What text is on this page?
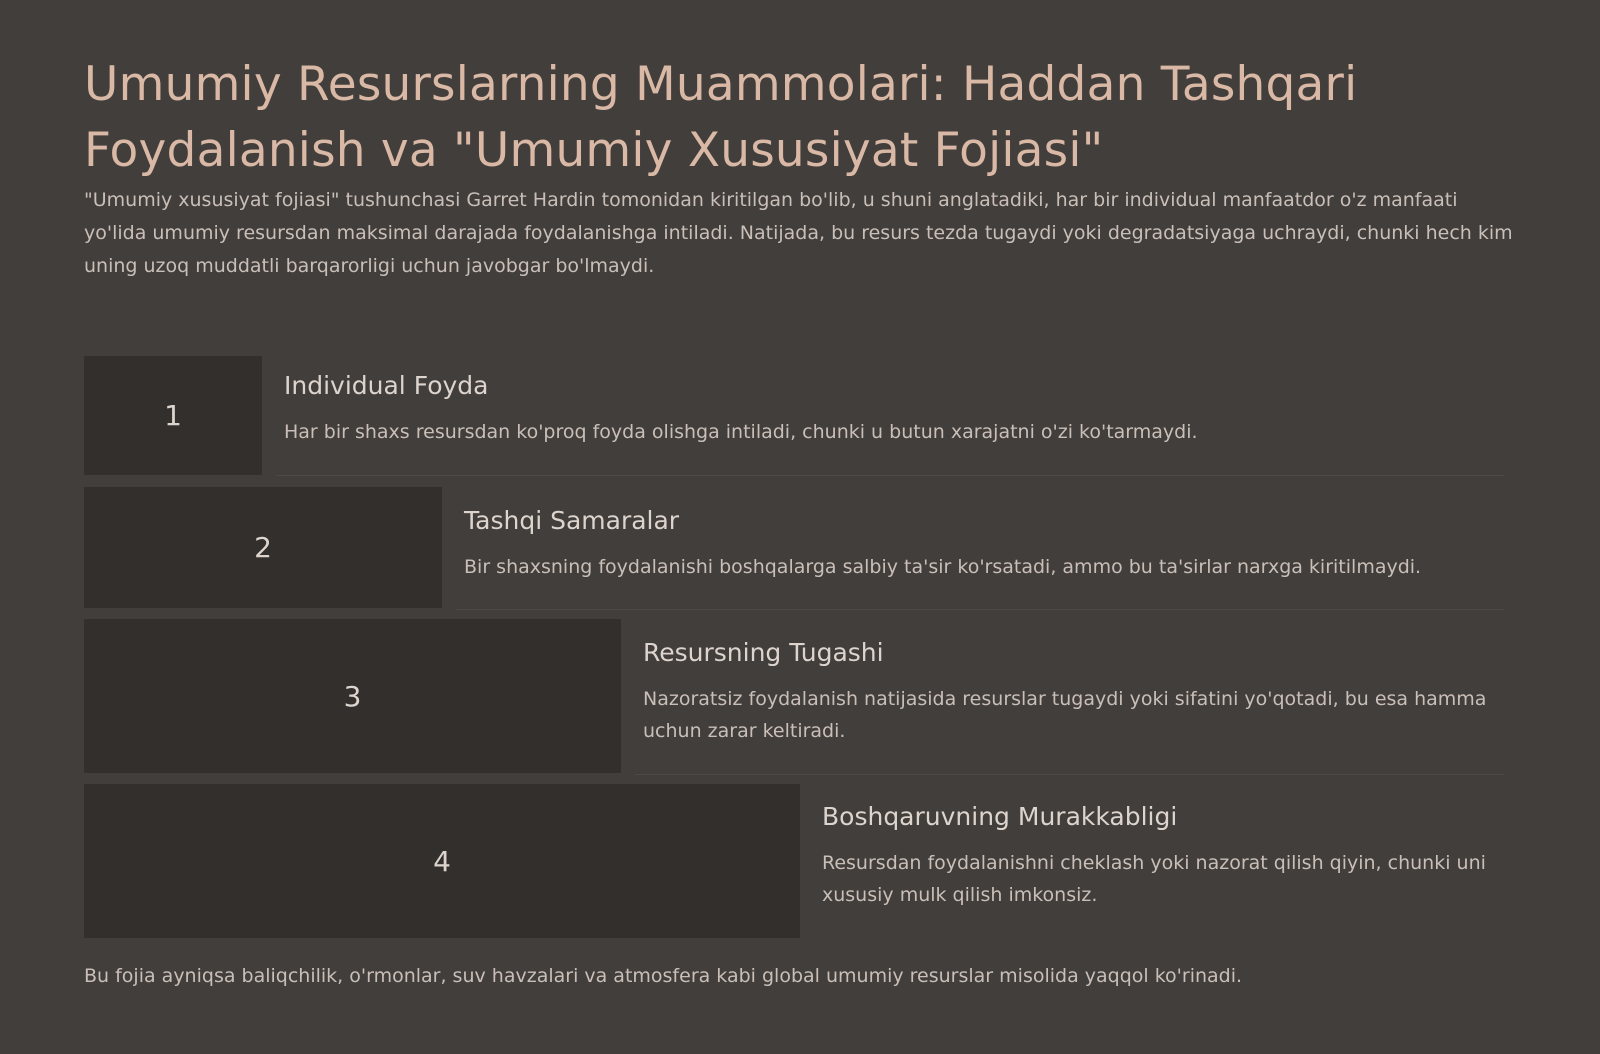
Umumiy Resurslarning Muammolari: Haddan Tashqari Foydalanish va "Umumiy Xususiyat Fojiasi"

"Umumiy xususiyat fojiasi" tushunchasi Garret Hardin tomonidan kiritilgan bo'lib, u shuni anglatadiki, har bir individual manfaatdor o'z manfaati yo'lida umumiy resursdan maksimal darajada foydalanishga intiladi. Natijada, bu resurs tezda tugaydi yoki degradatsiyaga uchraydi, chunki hech kim uning uzoq muddatli barqarorligi uchun javobgar bo'lmaydi.

1
Individual Foyda

Har bir shaxs resursdan ko'proq foyda olishga intiladi, chunki u butun xarajatni o'zi ko'tarmaydi.

2
Tashqi Samaralar

Bir shaxsning foydalanishi boshqalarga salbiy ta'sir ko'rsatadi, ammo bu ta'sirlar narxga kiritilmaydi.

3
Resursning Tugashi

Nazoratsiz foydalanish natijasida resurslar tugaydi yoki sifatini yo'qotadi, bu esa hamma uchun zarar keltiradi.

4
Boshqaruvning Murakkabligi

Resursdan foydalanishni cheklash yoki nazorat qilish qiyin, chunki uni xususiy mulk qilish imkonsiz.

Bu fojia ayniqsa baliqchilik, o'rmonlar, suv havzalari va atmosfera kabi global umumiy resurslar misolida yaqqol ko'rinadi.
